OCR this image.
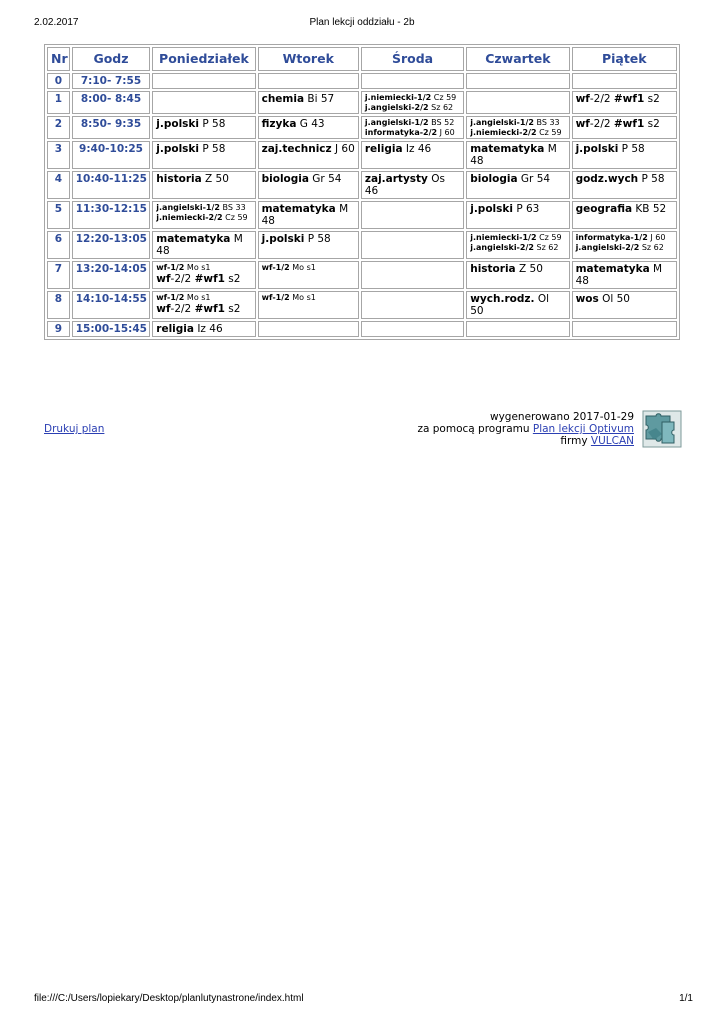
2.02.2017	Plan lekcji oddziału - 2b
Nr	Godz	Poniedziałek	Wtorek	Środa	Czwartek	Piątek
0	7:10- 7:55					
1	8:00- 8:45		chemia Bi 57	j.niemiecki-1/2 Cz 59
j.angielski-2/2 Sz 62		wf-2/2 #wf1 s2

2	8:50- 9:35	j.polski P 58	fizyka G 43	j.angielski-1/2 BS 52
informatyka-2/2 J 60	j.angielski-1/2 BS 33
j.niemiecki-2/2 Cz 59	wf-2/2 #wf1 s2

3	9:40-10:25	j.polski P 58	zaj.technicz J 60	religia Iz 46	matematyka M 48	j.polski P 58

4	10:40-11:25	historia Z 50	biologia Gr 54	zaj.artysty Os 46	biologia Gr 54	godz.wych P 58

5	11:30-12:15	j.angielski-1/2 BS 33
j.niemiecki-2/2 Cz 59	matematyka M 48		j.polski P 63	geografia KB 52

6	12:20-13:05	matematyka M 48	j.polski P 58		j.niemiecki-1/2 Cz 59
j.angielski-2/2 Sz 62	informatyka-1/2 J 60
j.angielski-2/2 Sz 62

7	13:20-14:05	wf-1/2 Mo s1
wf-2/2 #wf1 s2	wf-1/2 Mo s1		historia Z 50	matematyka M 48

8	14:10-14:55	wf-1/2 Mo s1
wf-2/2 #wf1 s2	wf-1/2 Mo s1		wych.rodz. Ol 50	wos Ol 50

9	15:00-15:45	religia Iz 46				

Drukuj plan
wygenerowano 2017-01-29
za pomocą programu Plan lekcji Optivum
firmy VULCAN
file:///C:/Users/lopiekary/Desktop/planlutynastrone/index.html	1/1
